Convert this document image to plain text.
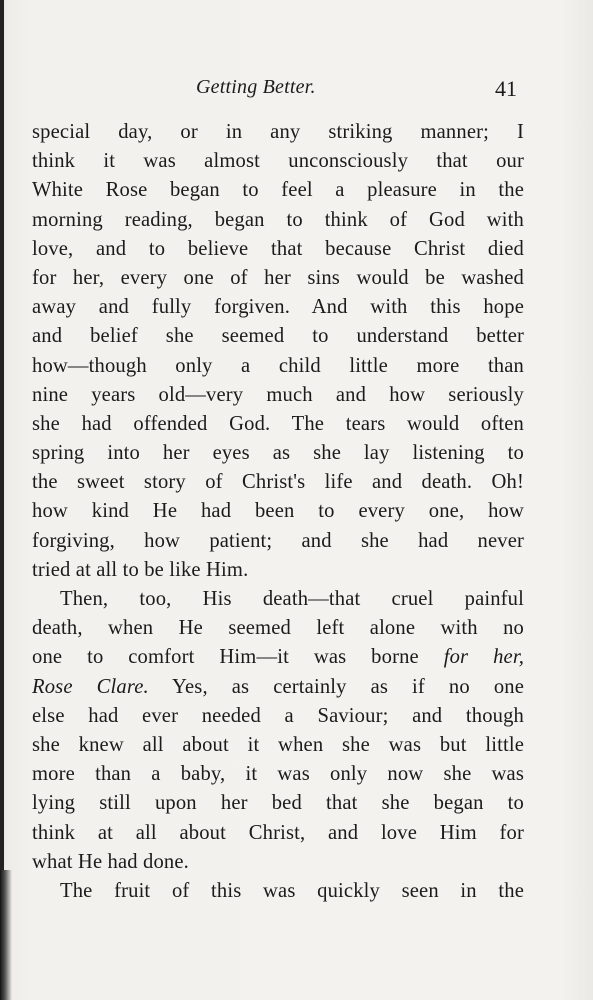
Getting Better.	41
special day, or in any striking manner; I
think it was almost unconsciously that our
White Rose began to feel a pleasure in the
morning reading, began to think of God with
love, and to believe that because Christ died
for her, every one of her sins would be washed
away and fully forgiven. And with this hope
and belief she seemed to understand better
how—though only a child little more than
nine years old—very much and how seriously
she had offended God. The tears would often
spring into her eyes as she lay listening to
the sweet story of Christ's life and death. Oh!
how kind He had been to every one, how
forgiving, how patient; and she had never
tried at all to be like Him.
Then, too, His death—that cruel painful
death, when He seemed left alone with no
one to comfort Him—it was borne for her,
Rose Clare. Yes, as certainly as if no one
else had ever needed a Saviour; and though
she knew all about it when she was but little
more than a baby, it was only now she was
lying still upon her bed that she began to
think at all about Christ, and love Him for
what He had done.
The fruit of this was quickly seen in the
